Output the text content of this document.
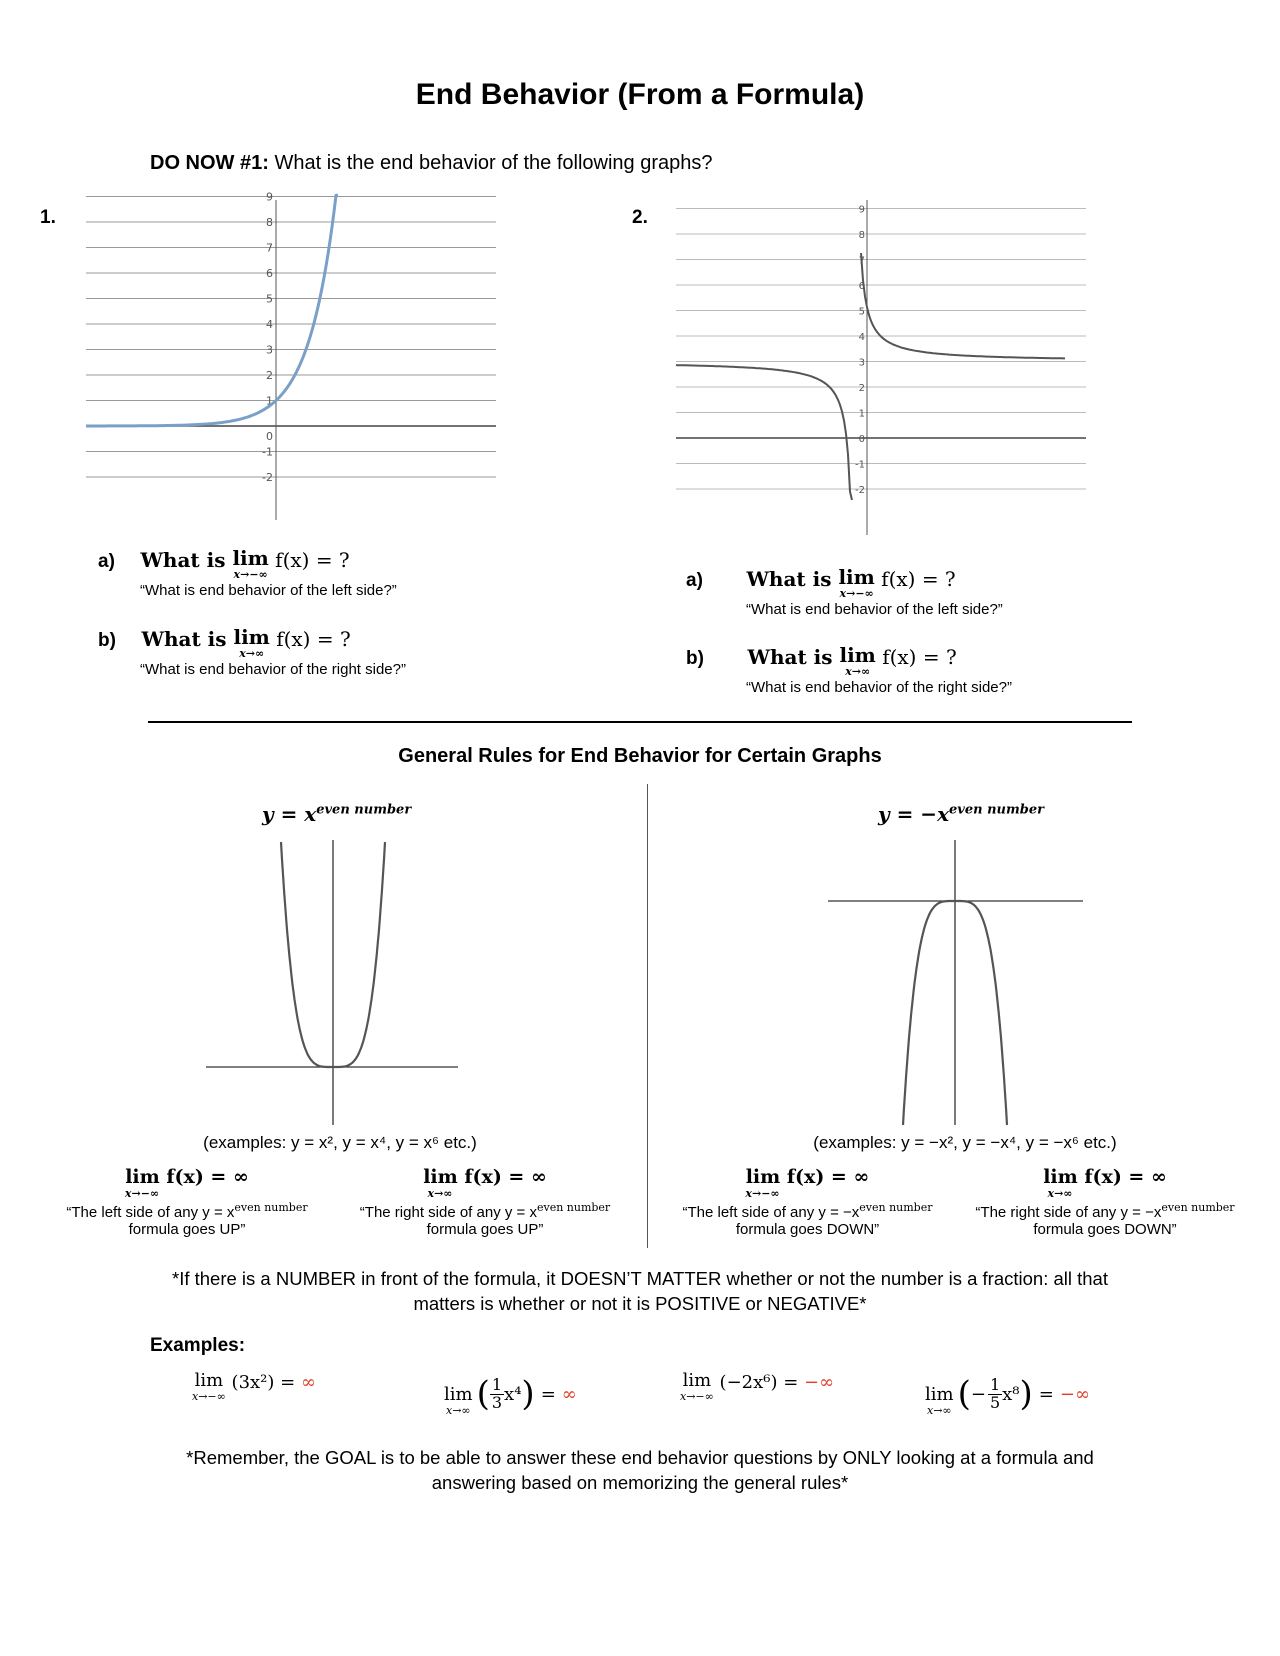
End Behavior (From a Formula)
DO NOW #1: What is the end behavior of the following graphs?
1.
9
8
7
6
5
4
3
2
1
0
-1
-2
2.	9
8
7
6
5
4
3
2
1
0
-1
-2
a) What is lim
x→−∞
f(x) = ?
“What is end behavior of the left side?”
b) What is lim
x→∞
f(x) = ?
“What is end behavior of the right side?”
a) What is lim
x→−∞
f(x) = ?
“What is end behavior of the left side?”
b) What is lim
x→∞
f(x) = ?
“What is end behavior of the right side?”
General Rules for End Behavior for Certain Graphs
$y = x^{even number}$	$y = -x^{even number}$
(examples: y = x², y = x⁴, y = x⁶ etc.)	(examples: y = −x², y = −x⁴, y = −x⁶ etc.)
lim f(x) = ∞
x→−∞
“The left side of any $y = x^{even number}$
formula goes UP”
lim f(x) = ∞
x→∞
“The right side of any $y = x^{even number}$
formula goes UP”
lim f(x) = ∞
x→−∞
“The left side of any $y = -x^{even number}$
formula goes DOWN”
lim f(x) = ∞
x→∞
“The right side of any $y = -x^{even number}$
formula goes DOWN”
*If there is a NUMBER in front of the formula, it DOESN’T MATTER whether or not the number is a fraction: all that matters is whether or not it is POSITIVE or NEGATIVE*
Examples:
lim
x→−∞
(3x²) = ∞
lim
x→∞ ( $\frac{1}{3} x^4$ ) = ∞
lim
x→−∞
(−2x⁶) = −∞
lim
x→∞ ( − $\frac{1}{5} x^8$ ) = −∞
*Remember, the GOAL is to be able to answer these end behavior questions by ONLY looking at a formula and answering based on memorizing the general rules*
